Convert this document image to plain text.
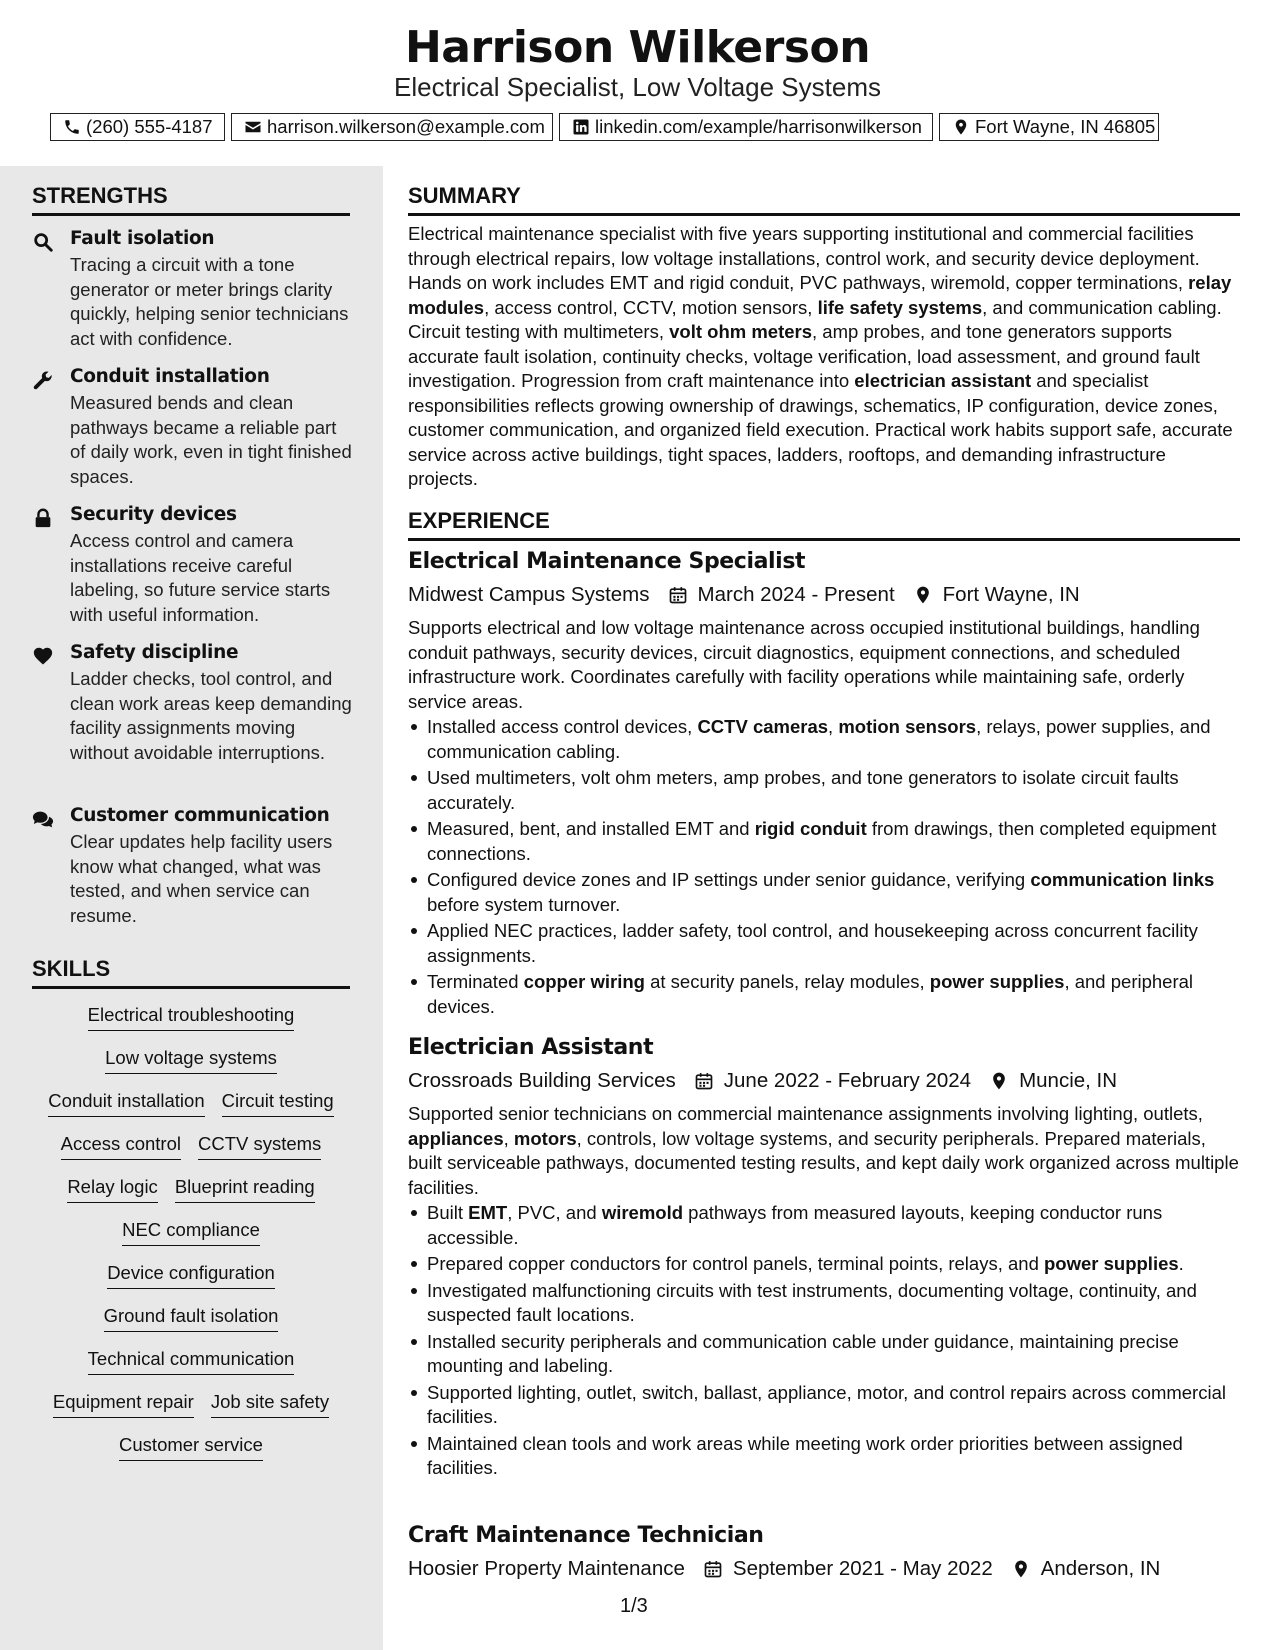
Harrison Wilkerson
Electrical Specialist, Low Voltage Systems
(260) 555-4187	harrison.wilkerson@example.com	linkedin.com/example/harrisonwilkerson	Fort Wayne, IN 46805
STRENGTHS
Fault isolation
Tracing a circuit with a tone generator or meter brings clarity quickly, helping senior technicians act with confidence.
Conduit installation
Measured bends and clean pathways became a reliable part of daily work, even in tight finished spaces.
Security devices
Access control and camera installations receive careful labeling, so future service starts with useful information.
Safety discipline
Ladder checks, tool control, and clean work areas keep demanding facility assignments moving without avoidable interruptions.
Customer communication
Clear updates help facility users know what changed, what was tested, and when service can resume.
SKILLS
Electrical troubleshooting
Low voltage systems
Conduit installation Circuit testing
Access control CCTV systems
Relay logic Blueprint reading
NEC compliance
Device configuration
Ground fault isolation
Technical communication
Equipment repair Job site safety
Customer service
SUMMARY
Electrical maintenance specialist with five years supporting institutional and commercial facilities through electrical repairs, low voltage installations, control work, and security device deployment. Hands on work includes EMT and rigid conduit, PVC pathways, wiremold, copper terminations, relay modules, access control, CCTV, motion sensors, life safety systems, and communication cabling. Circuit testing with multimeters, volt ohm meters, amp probes, and tone generators supports accurate fault isolation, continuity checks, voltage verification, load assessment, and ground fault investigation. Progression from craft maintenance into electrician assistant and specialist responsibilities reflects growing ownership of drawings, schematics, IP configuration, device zones, customer communication, and organized field execution. Practical work habits support safe, accurate service across active buildings, tight spaces, ladders, rooftops, and demanding infrastructure projects.
EXPERIENCE
Electrical Maintenance Specialist
Midwest Campus Systems March 2024 - Present Fort Wayne, IN
Supports electrical and low voltage maintenance across occupied institutional buildings, handling conduit pathways, security devices, circuit diagnostics, equipment connections, and scheduled infrastructure work. Coordinates carefully with facility operations while maintaining safe, orderly service areas.
Installed access control devices, CCTV cameras, motion sensors, relays, power supplies, and communication cabling.
Used multimeters, volt ohm meters, amp probes, and tone generators to isolate circuit faults accurately.
Measured, bent, and installed EMT and rigid conduit from drawings, then completed equipment connections.
Configured device zones and IP settings under senior guidance, verifying communication links before system turnover.
Applied NEC practices, ladder safety, tool control, and housekeeping across concurrent facility assignments.
Terminated copper wiring at security panels, relay modules, power supplies, and peripheral devices.
Electrician Assistant
Crossroads Building Services June 2022 - February 2024 Muncie, IN
Supported senior technicians on commercial maintenance assignments involving lighting, outlets, appliances, motors, controls, low voltage systems, and security peripherals. Prepared materials, built serviceable pathways, documented testing results, and kept daily work organized across multiple facilities.
Built EMT, PVC, and wiremold pathways from measured layouts, keeping conductor runs accessible.
Prepared copper conductors for control panels, terminal points, relays, and power supplies.
Investigated malfunctioning circuits with test instruments, documenting voltage, continuity, and suspected fault locations.
Installed security peripherals and communication cable under guidance, maintaining precise mounting and labeling.
Supported lighting, outlet, switch, ballast, appliance, motor, and control repairs across commercial facilities.
Maintained clean tools and work areas while meeting work order priorities between assigned facilities.
Craft Maintenance Technician
Hoosier Property Maintenance September 2021 - May 2022 Anderson, IN
1/3
